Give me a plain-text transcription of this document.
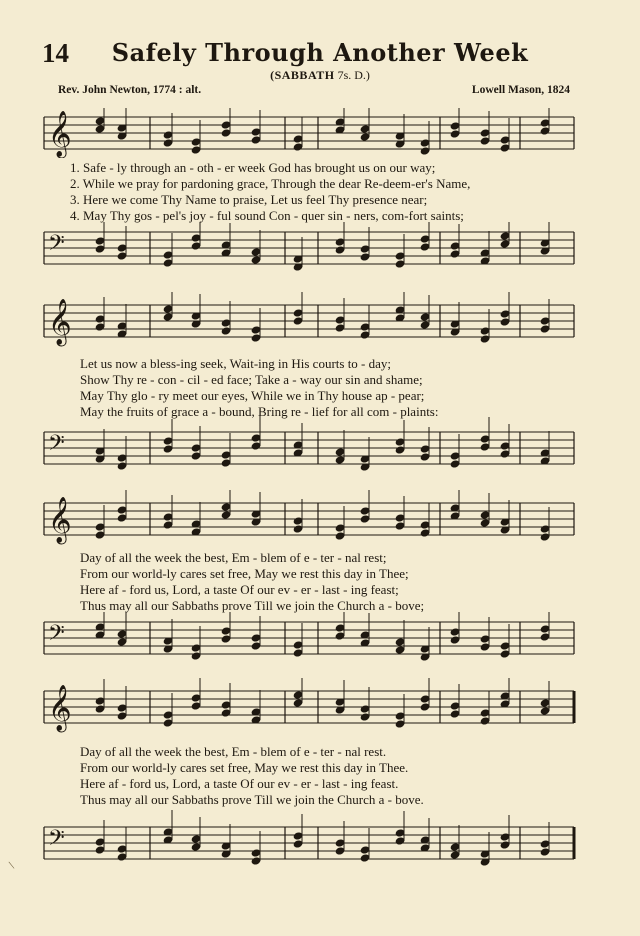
14	Safely Through Another Week
(SABBATH 7s. D.)
Rev. John Newton, 1774 : alt.	Lowell Mason, 1824
𝄞
1. Safe - ly through an - oth - er week God has brought us on our way;
2. While we pray for pardoning grace, Through the dear Re-deem-er's Name,
3. Here we come Thy Name to praise, Let us feel Thy presence near;
4. May Thy gos - pel's joy - ful sound Con - quer sin - ners, com-fort saints;
𝄢
𝄞
Let us now a bless-ing seek, Wait-ing in His courts to - day;
Show Thy re - con - cil - ed face; Take a - way our sin and shame;
May Thy glo - ry meet our eyes, While we in Thy house ap - pear;
May the fruits of grace a - bound, Bring re - lief for all com - plaints:
𝄢
𝄞
Day of all the week the best, Em - blem of e - ter - nal rest;
From our world-ly cares set free, May we rest this day in Thee;
Here af - ford us, Lord, a taste Of our ev - er - last - ing feast;
Thus may all our Sabbaths prove Till we join the Church a - bove;
𝄢
𝄞
Day of all the week the best, Em - blem of e - ter - nal rest.
From our world-ly cares set free, May we rest this day in Thee.
Here af - ford us, Lord, a taste Of our ev - er - last - ing feast.
Thus may all our Sabbaths prove Till we join the Church a - bove.
𝄢
\
